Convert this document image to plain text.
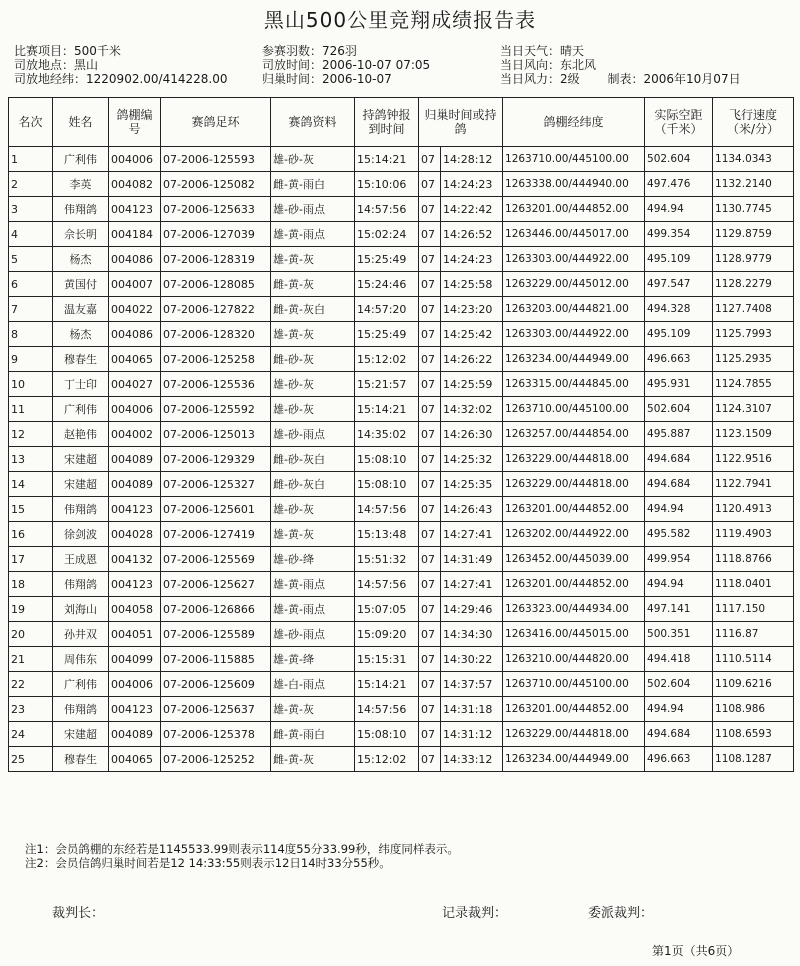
黑山500公里竞翔成绩报告表
比赛项目：500千米
司放地点：黑山
司放地经纬：1220902.00/414228.00
参赛羽数：726羽
司放时间：2006-10-07 07:05
归巢时间：2006-10-07
当日天气：晴天
当日风向：东北风
当日风力：2级 制表：2006年10月07日
名次	姓名	鸽棚编号	赛鸽足环	赛鸽资料	持鸽钟报到时间	归巢时间或持鸽		鸽棚经纬度	实际空距（千米）	飞行速度（米/分）
1	广利伟	004006	07-2006-125593	雄-砂-灰	15:14:21	07	14:28:12	1263710.00/445100.00	502.604	1134.0343
2	李英	004082	07-2006-125082	雌-黄-雨白	15:10:06	07	14:24:23	1263338.00/444940.00	497.476	1132.2140
3	伟翔鸽	004123	07-2006-125633	雄-砂-雨点	14:57:56	07	14:22:42	1263201.00/444852.00	494.94	1130.7745
4	佘长明	004184	07-2006-127039	雄-黄-雨点	15:02:24	07	14:26:52	1263446.00/445017.00	499.354	1129.8759
5	杨杰	004086	07-2006-128319	雄-黄-灰	15:25:49	07	14:24:23	1263303.00/444922.00	495.109	1128.9779
6	黄国付	004007	07-2006-128085	雌-黄-灰	15:24:46	07	14:25:58	1263229.00/445012.00	497.547	1128.2279
7	温友嘉	004022	07-2006-127822	雌-黄-灰白	14:57:20	07	14:23:20	1263203.00/444821.00	494.328	1127.7408
8	杨杰	004086	07-2006-128320	雄-黄-灰	15:25:49	07	14:25:42	1263303.00/444922.00	495.109	1125.7993
9	穆春生	004065	07-2006-125258	雌-砂-灰	15:12:02	07	14:26:22	1263234.00/444949.00	496.663	1125.2935
10	丁士印	004027	07-2006-125536	雄-砂-灰	15:21:57	07	14:25:59	1263315.00/444845.00	495.931	1124.7855
11	广利伟	004006	07-2006-125592	雄-砂-灰	15:14:21	07	14:32:02	1263710.00/445100.00	502.604	1124.3107
12	赵艳伟	004002	07-2006-125013	雄-砂-雨点	14:35:02	07	14:26:30	1263257.00/444854.00	495.887	1123.1509
13	宋建超	004089	07-2006-129329	雌-砂-灰白	15:08:10	07	14:25:32	1263229.00/444818.00	494.684	1122.9516
14	宋建超	004089	07-2006-125327	雌-砂-灰白	15:08:10	07	14:25:35	1263229.00/444818.00	494.684	1122.7941
15	伟翔鸽	004123	07-2006-125601	雄-砂-灰	14:57:56	07	14:26:43	1263201.00/444852.00	494.94	1120.4913
16	徐剑波	004028	07-2006-127419	雄-黄-灰	15:13:48	07	14:27:41	1263202.00/444922.00	495.582	1119.4903
17	王成恩	004132	07-2006-125569	雄-砂-绛	15:51:32	07	14:31:49	1263452.00/445039.00	499.954	1118.8766
18	伟翔鸽	004123	07-2006-125627	雄-黄-雨点	14:57:56	07	14:27:41	1263201.00/444852.00	494.94	1118.0401
19	刘海山	004058	07-2006-126866	雄-黄-雨点	15:07:05	07	14:29:46	1263323.00/444934.00	497.141	1117.150
20	孙井双	004051	07-2006-125589	雄-砂-雨点	15:09:20	07	14:34:30	1263416.00/445015.00	500.351	1116.87
21	周伟东	004099	07-2006-115885	雄-黄-绛	15:15:31	07	14:30:22	1263210.00/444820.00	494.418	1110.5114
22	广利伟	004006	07-2006-125609	雄-白-雨点	15:14:21	07	14:37:57	1263710.00/445100.00	502.604	1109.6216
23	伟翔鸽	004123	07-2006-125637	雄-黄-灰	14:57:56	07	14:31:18	1263201.00/444852.00	494.94	1108.986
24	宋建超	004089	07-2006-125378	雌-黄-雨白	15:08:10	07	14:31:12	1263229.00/444818.00	494.684	1108.6593
25	穆春生	004065	07-2006-125252	雌-黄-灰	15:12:02	07	14:33:12	1263234.00/444949.00	496.663	1108.1287
注1：会员鸽棚的东经若是1145533.99则表示114度55分33.99秒，纬度同样表示。
注2：会员信鸽归巢时间若是12 14:33:55则表示12日14时33分55秒。
裁判长：	记录裁判：	委派裁判：
第1页（共6页）
